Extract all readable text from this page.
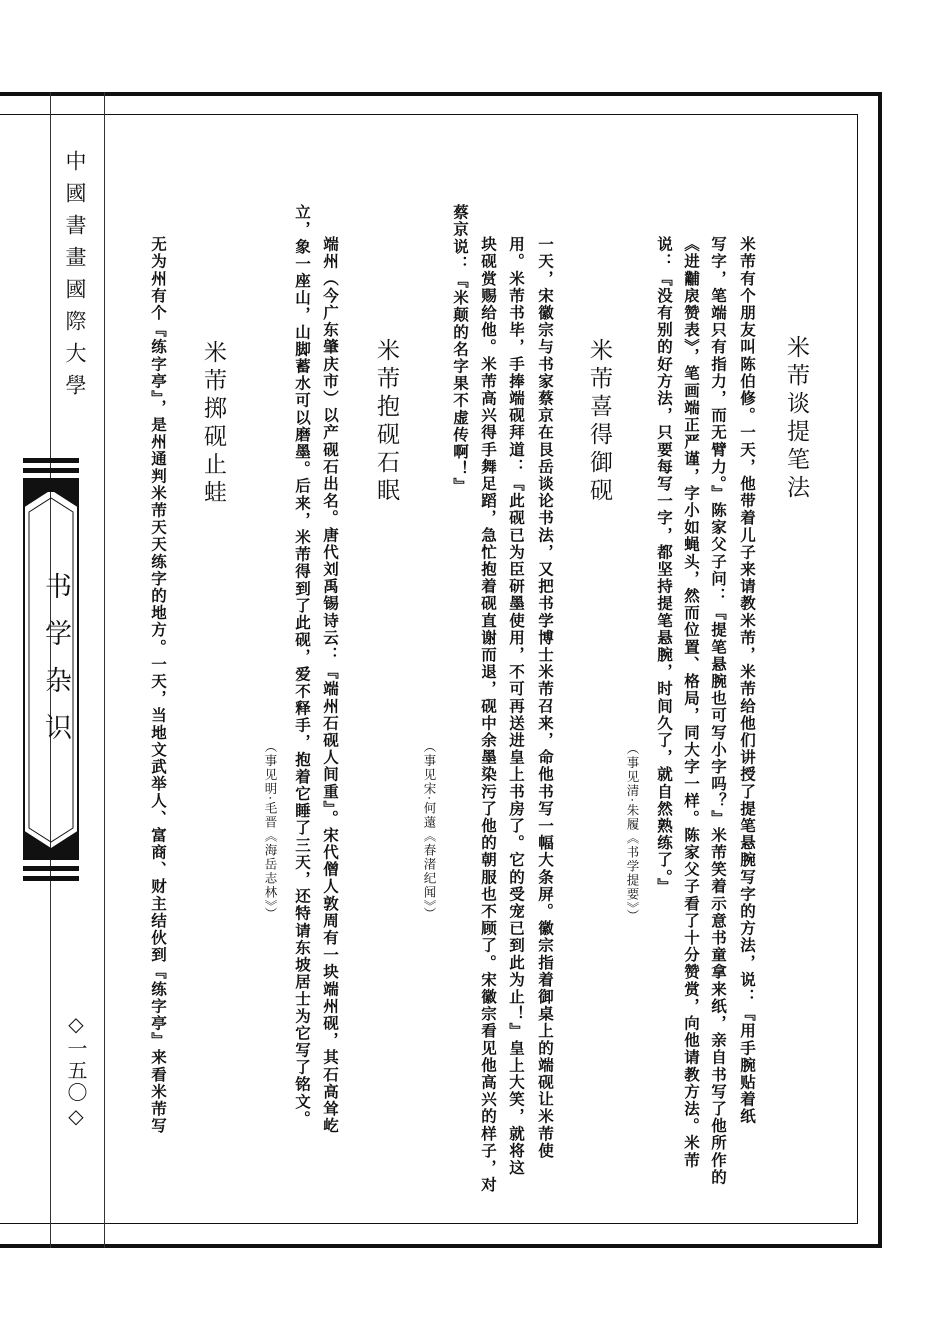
中國書畫國際大學
书学杂识
◇一五〇◇
米芾谈提笔法
米芾有个朋友叫陈伯修。一天，他带着儿子来请教米芾，米芾给他们讲授了提笔悬腕写字的方法，说：『用手腕贴着纸
写字，笔端只有指力，而无臂力。』陈家父子问：『提笔悬腕也可写小字吗？』米芾笑着示意书童拿来纸，亲自书写了他所作的
《进黼扆赞表》，笔画端正严谨，字小如蝇头，然而位置、格局，同大字一样。陈家父子看了十分赞赏，向他请教方法。米芾
说：『没有别的好方法，只要每写一字，都坚持提笔悬腕，时间久了，就自然熟练了。』
（事见清·朱履《书学提要》）
米芾喜得御砚
一天，宋徽宗与书家蔡京在艮岳谈论书法，又把书学博士米芾召来，命他书写一幅大条屏。徽宗指着御桌上的端砚让米芾使
用。米芾书毕，手捧端砚拜道：『此砚已为臣研墨使用，不可再送进皇上书房了。它的受宠已到此为止！』皇上大笑，就将这
块砚赏赐给他。米芾高兴得手舞足蹈，急忙抱着砚直谢而退，砚中余墨染污了他的朝服也不顾了。宋徽宗看见他高兴的样子，对
蔡京说：『米颠的名字果不虚传啊！』
（事见宋·何薳《春渚纪闻》）
米芾抱砚石眠
端州（今广东肇庆市）以产砚石出名。唐代刘禹锡诗云：『端州石砚人间重』。宋代僧人敦周有一块端州砚，其石高耸屹
立，象一座山，山脚蓄水可以磨墨。后来，米芾得到了此砚，爱不释手，抱着它睡了三天，还特请东坡居士为它写了铭文。
（事见明·毛晋《海岳志林》）
米芾掷砚止蛙
无为州有个『练字亭』，是州通判米芾天天练字的地方。一天，当地文武举人、富商、财主结伙到『练字亭』来看米芾写
